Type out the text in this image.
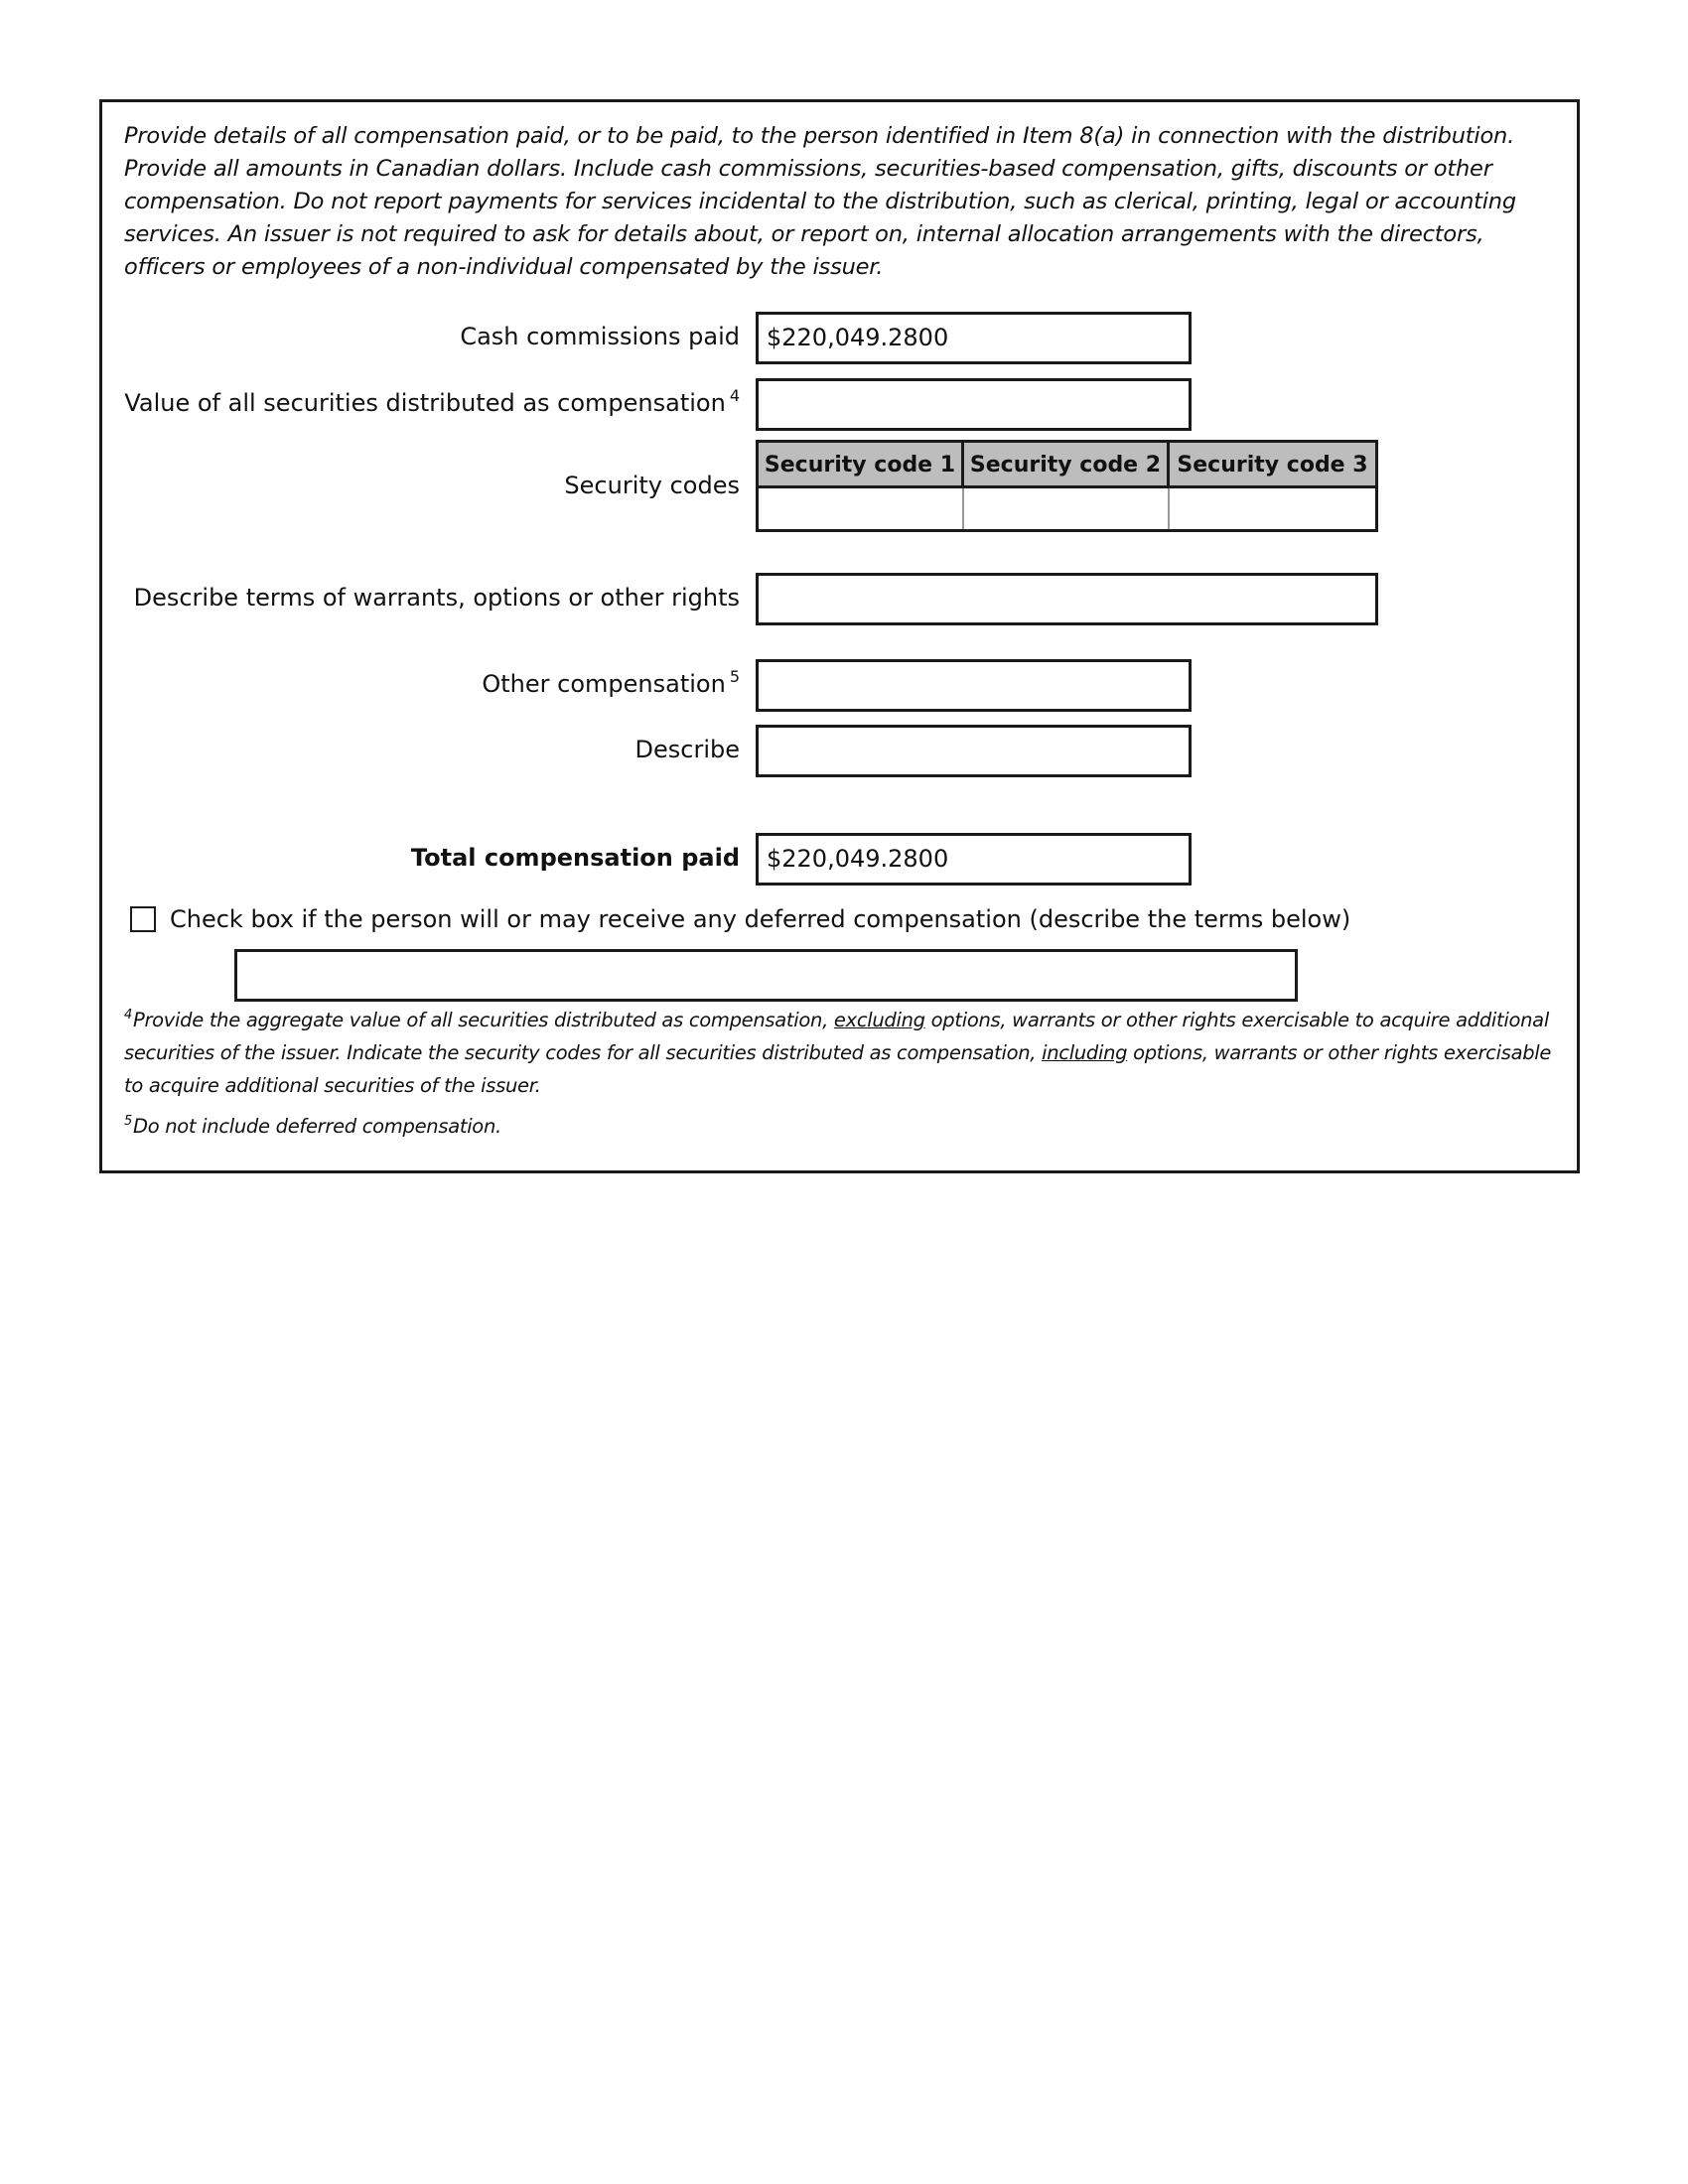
Provide details of all compensation paid, or to be paid, to the person identified in Item 8(a) in connection with the distribution. Provide all amounts in Canadian dollars. Include cash commissions, securities-based compensation, gifts, discounts or other compensation. Do not report payments for services incidental to the distribution, such as clerical, printing, legal or accounting services. An issuer is not required to ask for details about, or report on, internal allocation arrangements with the directors, officers or employees of a non-individual compensated by the issuer.
Cash commissions paid	$220,049.2800
Value of all securities distributed as compensation $^4$
Security codes
Security code 1 Security code 2 Security code 3
Describe terms of warrants, options or other rights
Other compensation $^5$
Describe
Total compensation paid	$220,049.2800
Check box if the person will or may receive any deferred compensation (describe the terms below)

$^4$Provide the aggregate value of all securities distributed as compensation, excluding options, warrants or other rights exercisable to acquire additional securities of the issuer. Indicate the security codes for all securities distributed as compensation, including options, warrants or other rights exercisable to acquire additional securities of the issuer.

$^5$Do not include deferred compensation.
